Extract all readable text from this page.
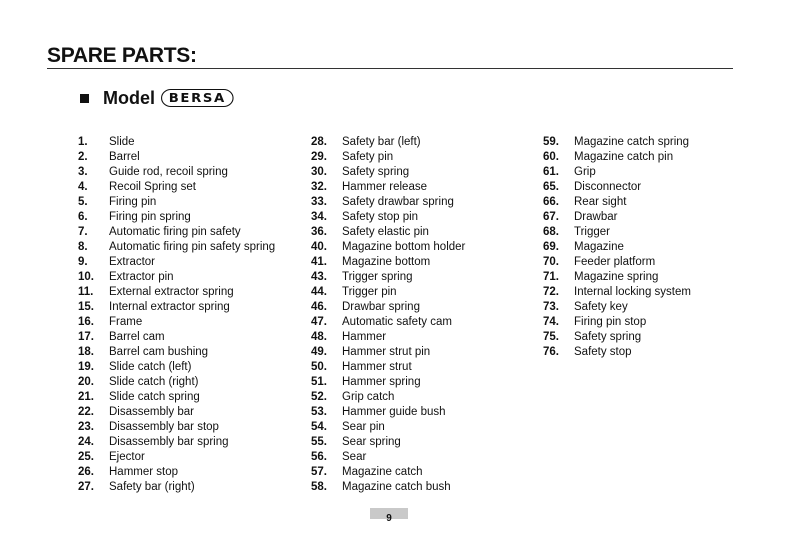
SPARE PARTS:
Model	BERSA
1.	Slide
2.	Barrel
3.	Guide rod, recoil spring
4.	Recoil Spring set
5.	Firing pin
6.	Firing pin spring
7.	Automatic firing pin safety
8.	Automatic firing pin safety spring
9.	Extractor
10.	Extractor pin
11.	External extractor spring
15.	Internal extractor spring
16.	Frame
17.	Barrel cam
18.	Barrel cam bushing
19.	Slide catch (left)
20.	Slide catch (right)
21.	Slide catch spring
22.	Disassembly bar
23.	Disassembly bar stop
24.	Disassembly bar spring
25.	Ejector
26.	Hammer stop
27.	Safety bar (right)
28.	Safety bar (left)
29.	Safety pin
30.	Safety spring
32.	Hammer release
33.	Safety drawbar spring
34.	Safety stop pin
36.	Safety elastic pin
40.	Magazine bottom holder
41.	Magazine bottom
43.	Trigger spring
44.	Trigger pin
46.	Drawbar spring
47.	Automatic safety cam
48.	Hammer
49.	Hammer strut pin
50.	Hammer strut
51.	Hammer spring
52.	Grip catch
53.	Hammer guide bush
54.	Sear pin
55.	Sear spring
56.	Sear
57.	Magazine catch
58.	Magazine catch bush
59.	Magazine catch spring
60.	Magazine catch pin
61.	Grip
65.	Disconnector
66.	Rear sight
67.	Drawbar
68.	Trigger
69.	Magazine
70.	Feeder platform
71.	Magazine spring
72.	Internal locking system
73.	Safety key
74.	Firing pin stop
75.	Safety spring
76.	Safety stop
9
